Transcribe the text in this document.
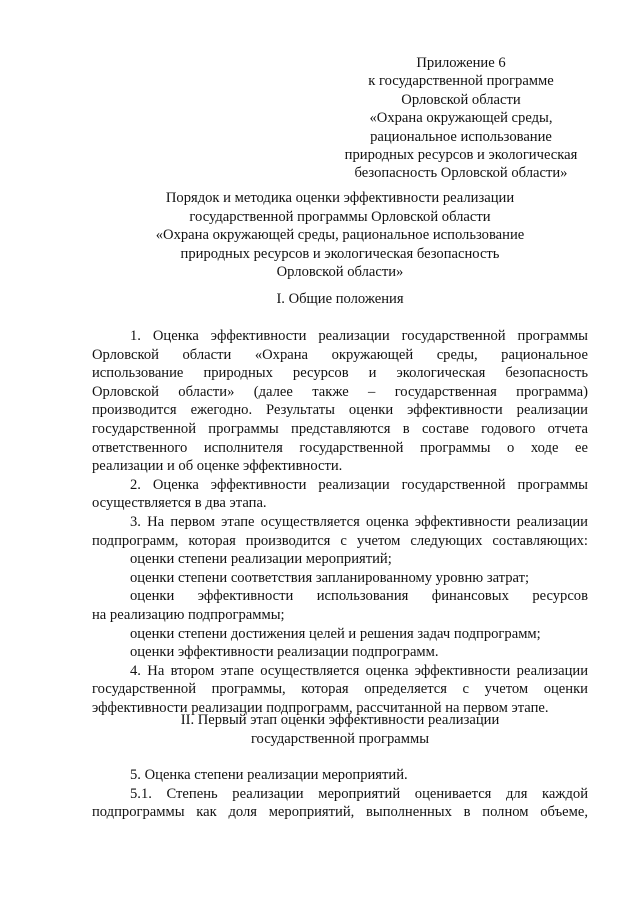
Приложение 6
к государственной программе
Орловской области
«Охрана окружающей среды,
рациональное использование
природных ресурсов и экологическая
безопасность Орловской области»
Порядок и методика оценки эффективности реализации
государственной программы Орловской области
«Охрана окружающей среды, рациональное использование
природных ресурсов и экологическая безопасность
Орловской области»
I. Общие положения
1. Оценка эффективности реализации государственной программы
Орловской области «Охрана окружающей среды, рациональное
использование природных ресурсов и экологическая безопасность
Орловской области» (далее также – государственная программа)
производится ежегодно. Результаты оценки эффективности реализации
государственной программы представляются в составе годового отчета
ответственного исполнителя государственной программы о ходе ее
реализации и об оценке эффективности.
2. Оценка эффективности реализации государственной программы
осуществляется в два этапа.
3. На первом этапе осуществляется оценка эффективности реализации
подпрограмм, которая производится с учетом следующих составляющих:
оценки степени реализации мероприятий;
оценки степени соответствия запланированному уровню затрат;
оценки эффективности использования финансовых ресурсов
на реализацию подпрограммы;
оценки степени достижения целей и решения задач подпрограмм;
оценки эффективности реализации подпрограмм.
4. На втором этапе осуществляется оценка эффективности реализации
государственной программы, которая определяется с учетом оценки
эффективности реализации подпрограмм, рассчитанной на первом этапе.
II. Первый этап оценки эффективности реализации
государственной программы
5. Оценка степени реализации мероприятий.
5.1. Степень реализации мероприятий оценивается для каждой
подпрограммы как доля мероприятий, выполненных в полном объеме,
